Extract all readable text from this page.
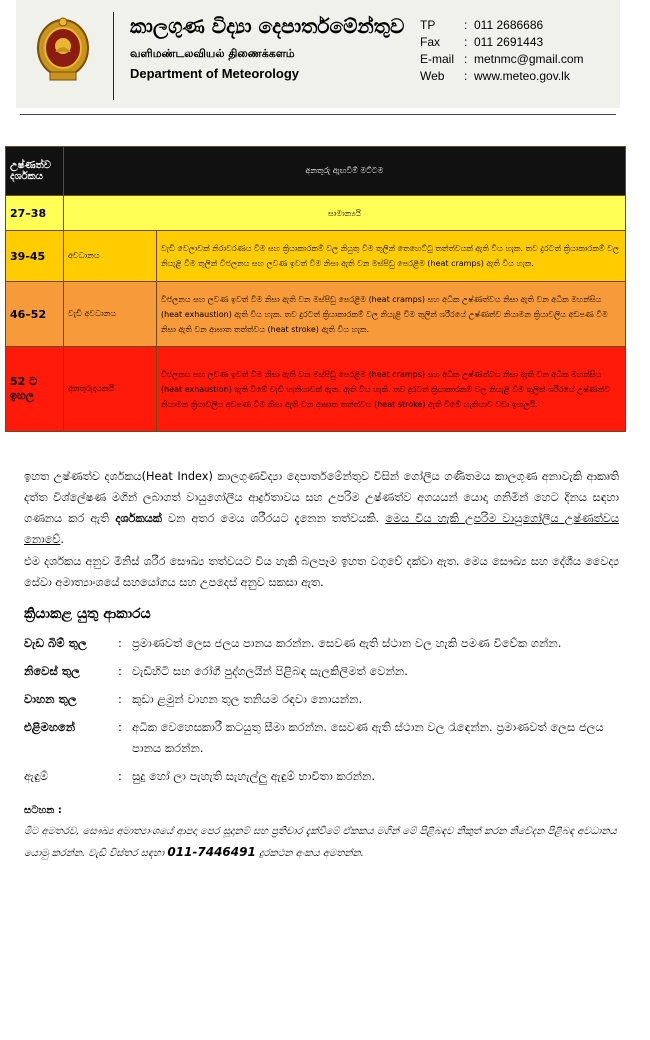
කාලගුණ විද්‍යා දෙපාර්තමේන්තුව
வளிமண்டலவியல் திணைக்களம்
Department of Meteorology
TP	: 011 2686686
Fax	: 011 2691443
E-mail : metnmc@gmail.com
Web	: www.meteo.gov.lk
උෂ්ණත්ව දර්ශකය	අනතුරු ඇඟවීම් මට්ටම	
27–38	සාමාන්‍යයි	
39-45	අවධානය	වැඩි වෙලාවක් නිරාවරණය වීම සහ ක්‍රියාකාරකම් වල නියුතු වීම තුලින් තෙහෙට්ටු තත්ත්වයක් ඇති විය හැක. තව දුරටත් ක්‍රියාකාරකම් වල නියැළි වීම තුලින් විජලනය සහ ලවණ ඉවත් වීම නිසා ඇති වන මස්පිඩු පෙරළීම (heat cramps) ඇති විය හැක.
46–52	වැඩි අවධානය	විජලනය සහ ලවණ ඉවත් වීම නිසා ඇති වන මස්පිඩු පෙරළීම (heat cramps) සහ අධික උෂ්ණත්වය නිසා ඇති වන අධික මහන්සිය (heat exhaustion) ඇති විය හැක. තව දුරටත් ක්‍රියාකාරකම් වල නියැළි වීම තුලින් ශරීරයේ උෂ්ණත්ව නියාමන ක්‍රියාවලිය අඩපණ වීම නිසා ඇති වන ආඝාත තත්ත්වය (heat stroke) ඇති විය හැක.
52 ට ඉහල	අනතුරුදායකයි	විජලනය සහ ලවණ ඉවත් වීම නිසා ඇති වන මස්පිඩු පෙරළීම (heat cramps) සහ අධික උෂ්ණත්වය නිසා ඇති වන අධික මහන්සිය (heat exhaustion) ඇති වීමේ වැඩි හැකියාවක් ඇත. ඇති විය හැකි. තව දුරටත් ක්‍රියාකාරකම් වල නියැළි වීම තුලින් ශරීරයේ උෂ්ණත්ව නියාමන ක්‍රියාවලිය අඩපණ වීම නිසා ඇති වන ආඝාත තත්ත්වය (heat stroke) ඇති වීමේ හැකියාව වඩා ඉහලයි.
ඉහත උෂ්ණත්ව දර්ශකය(Heat Index) කාලගුණවිද්‍යා දෙපාර්තමේන්තුව විසින් ගෝලීය ගණිතමය කාලගුණ අනාවැකි ආකෘති දත්ත විශ්ලේෂණ මගින් ලබාගත් වායුගෝලීය ආර්ද්‍රතාවය සහ උපරිම උෂ්ණත්ව අගයයන් යොදා ගනිමින් හෙට දිනය සඳහා ගණනය කර ඇති දර්ශකයක් වන අතර මෙය ශරීරයට දැනෙන තත්වයකි. මෙය විය හැකි උපරිම වායුගෝලීය උෂ්ණත්වය නොවේ.
එම දර්ශකය අනුව මිනිස් ශරීර සෞඛ්‍ය තත්වයට විය හැකි බලපෑම ඉහත වගුවේ දක්වා ඇත. මෙය සෞඛ්‍ය සහ දේශීය වෛද්‍ය සේවා අමාත්‍යාංශයේ සහයෝගය සහ උපදෙස් අනුව සකසා ඇත.
ක්‍රියාකළ යුතු ආකාරය
වැඩ බිම් තුල	: ප්‍රමාණවත් ලෙස ජලය පානය කරන්න. සෙවණ ඇති ස්ථාන වල හැකි පමණ විවේක ගන්න.
නිවෙස් තුල	: වැඩිහිටි සහ රෝගී පුද්ගලයින් පිළිබඳ සැලකිලිමත් වෙන්න.
වාහන තුල	: කුඩා ළමුන් වාහන තුල තනියම රඳවා නොයන්න.
එළිමහනේ	: අධික වෙහෙසකාරී කටයුතු සීමා කරන්න. සෙවණ ඇති ස්ථාන වල රැඳෙන්න. ප්‍රමාණවත් ලෙස ජලය පානය කරන්න.
ඇඳුම්	: සුදු හෝ ලා පැහැති සැහැල්ලු ඇඳුම් භාවිතා කරන්න.
සටහන :
මීට අමතරව, සෞඛ්‍ය අමාත්‍යාංශයේ ආපදා පෙර සූදානම් සහ ප්‍රතිචාර දැක්වීමේ ඒකකය මගින් මේ පිළිබඳව නිකුත් කරන නිවේදන පිළිබඳ අවධානය යොමු කරන්න. වැඩි විස්තර සඳහා 011-7446491 දුරකථන අංකය අමතන්න.
